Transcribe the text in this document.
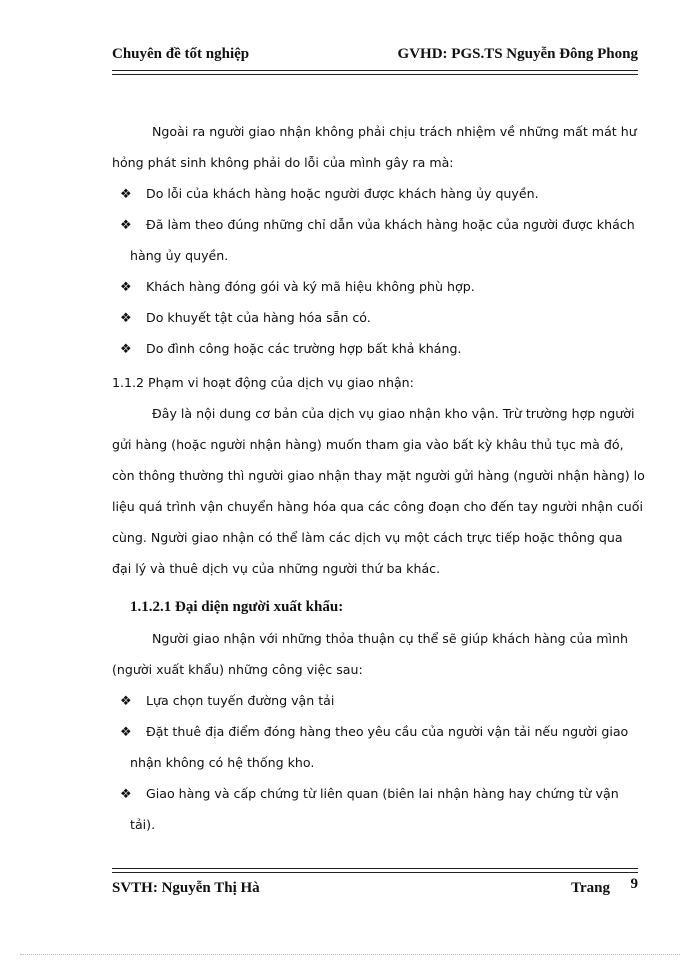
Chuyên đề tốt nghiệp	GVHD: PGS.TS Nguyễn Đông Phong
Ngoài ra người giao nhận không phải chịu trách nhiệm về những mất mát hư
hỏng phát sinh không phải do lỗi của mình gây ra mà:
❖ Do lỗi của khách hàng hoặc người được khách hàng ủy quyền.
❖ Đã làm theo đúng những chỉ dẫn vủa khách hàng hoặc của người được khách
hàng ủy quyền.
❖ Khách hàng đóng gói và ký mã hiệu không phù hợp.
❖ Do khuyết tật của hàng hóa sẵn có.
❖ Do đình công hoặc các trường hợp bất khả kháng.
1.1.2 Phạm vi hoạt động của dịch vụ giao nhận:
Đây là nội dung cơ bản của dịch vụ giao nhận kho vận. Trừ trường hợp người
gửi hàng (hoặc người nhận hàng) muốn tham gia vào bất kỳ khâu thủ tục mà đó,
còn thông thường thì người giao nhận thay mặt người gửi hàng (người nhận hàng) lo
liệu quá trình vận chuyển hàng hóa qua các công đoạn cho đến tay người nhận cuối
cùng. Người giao nhận có thể làm các dịch vụ một cách trực tiếp hoặc thông qua
đại lý và thuê dịch vụ của những người thứ ba khác.
1.1.2.1 Đại diện người xuất khẩu:
Người giao nhận với những thỏa thuận cụ thể sẽ giúp khách hàng của mình
(người xuất khẩu) những công việc sau:
❖ Lựa chọn tuyến đường vận tải
❖ Đặt thuê địa điểm đóng hàng theo yêu cầu của người vận tải nếu người giao
nhận không có hệ thống kho.
❖ Giao hàng và cấp chứng từ liên quan (biên lai nhận hàng hay chứng từ vận
tải).
SVTH: Nguyễn Thị Hà	Trang 9
